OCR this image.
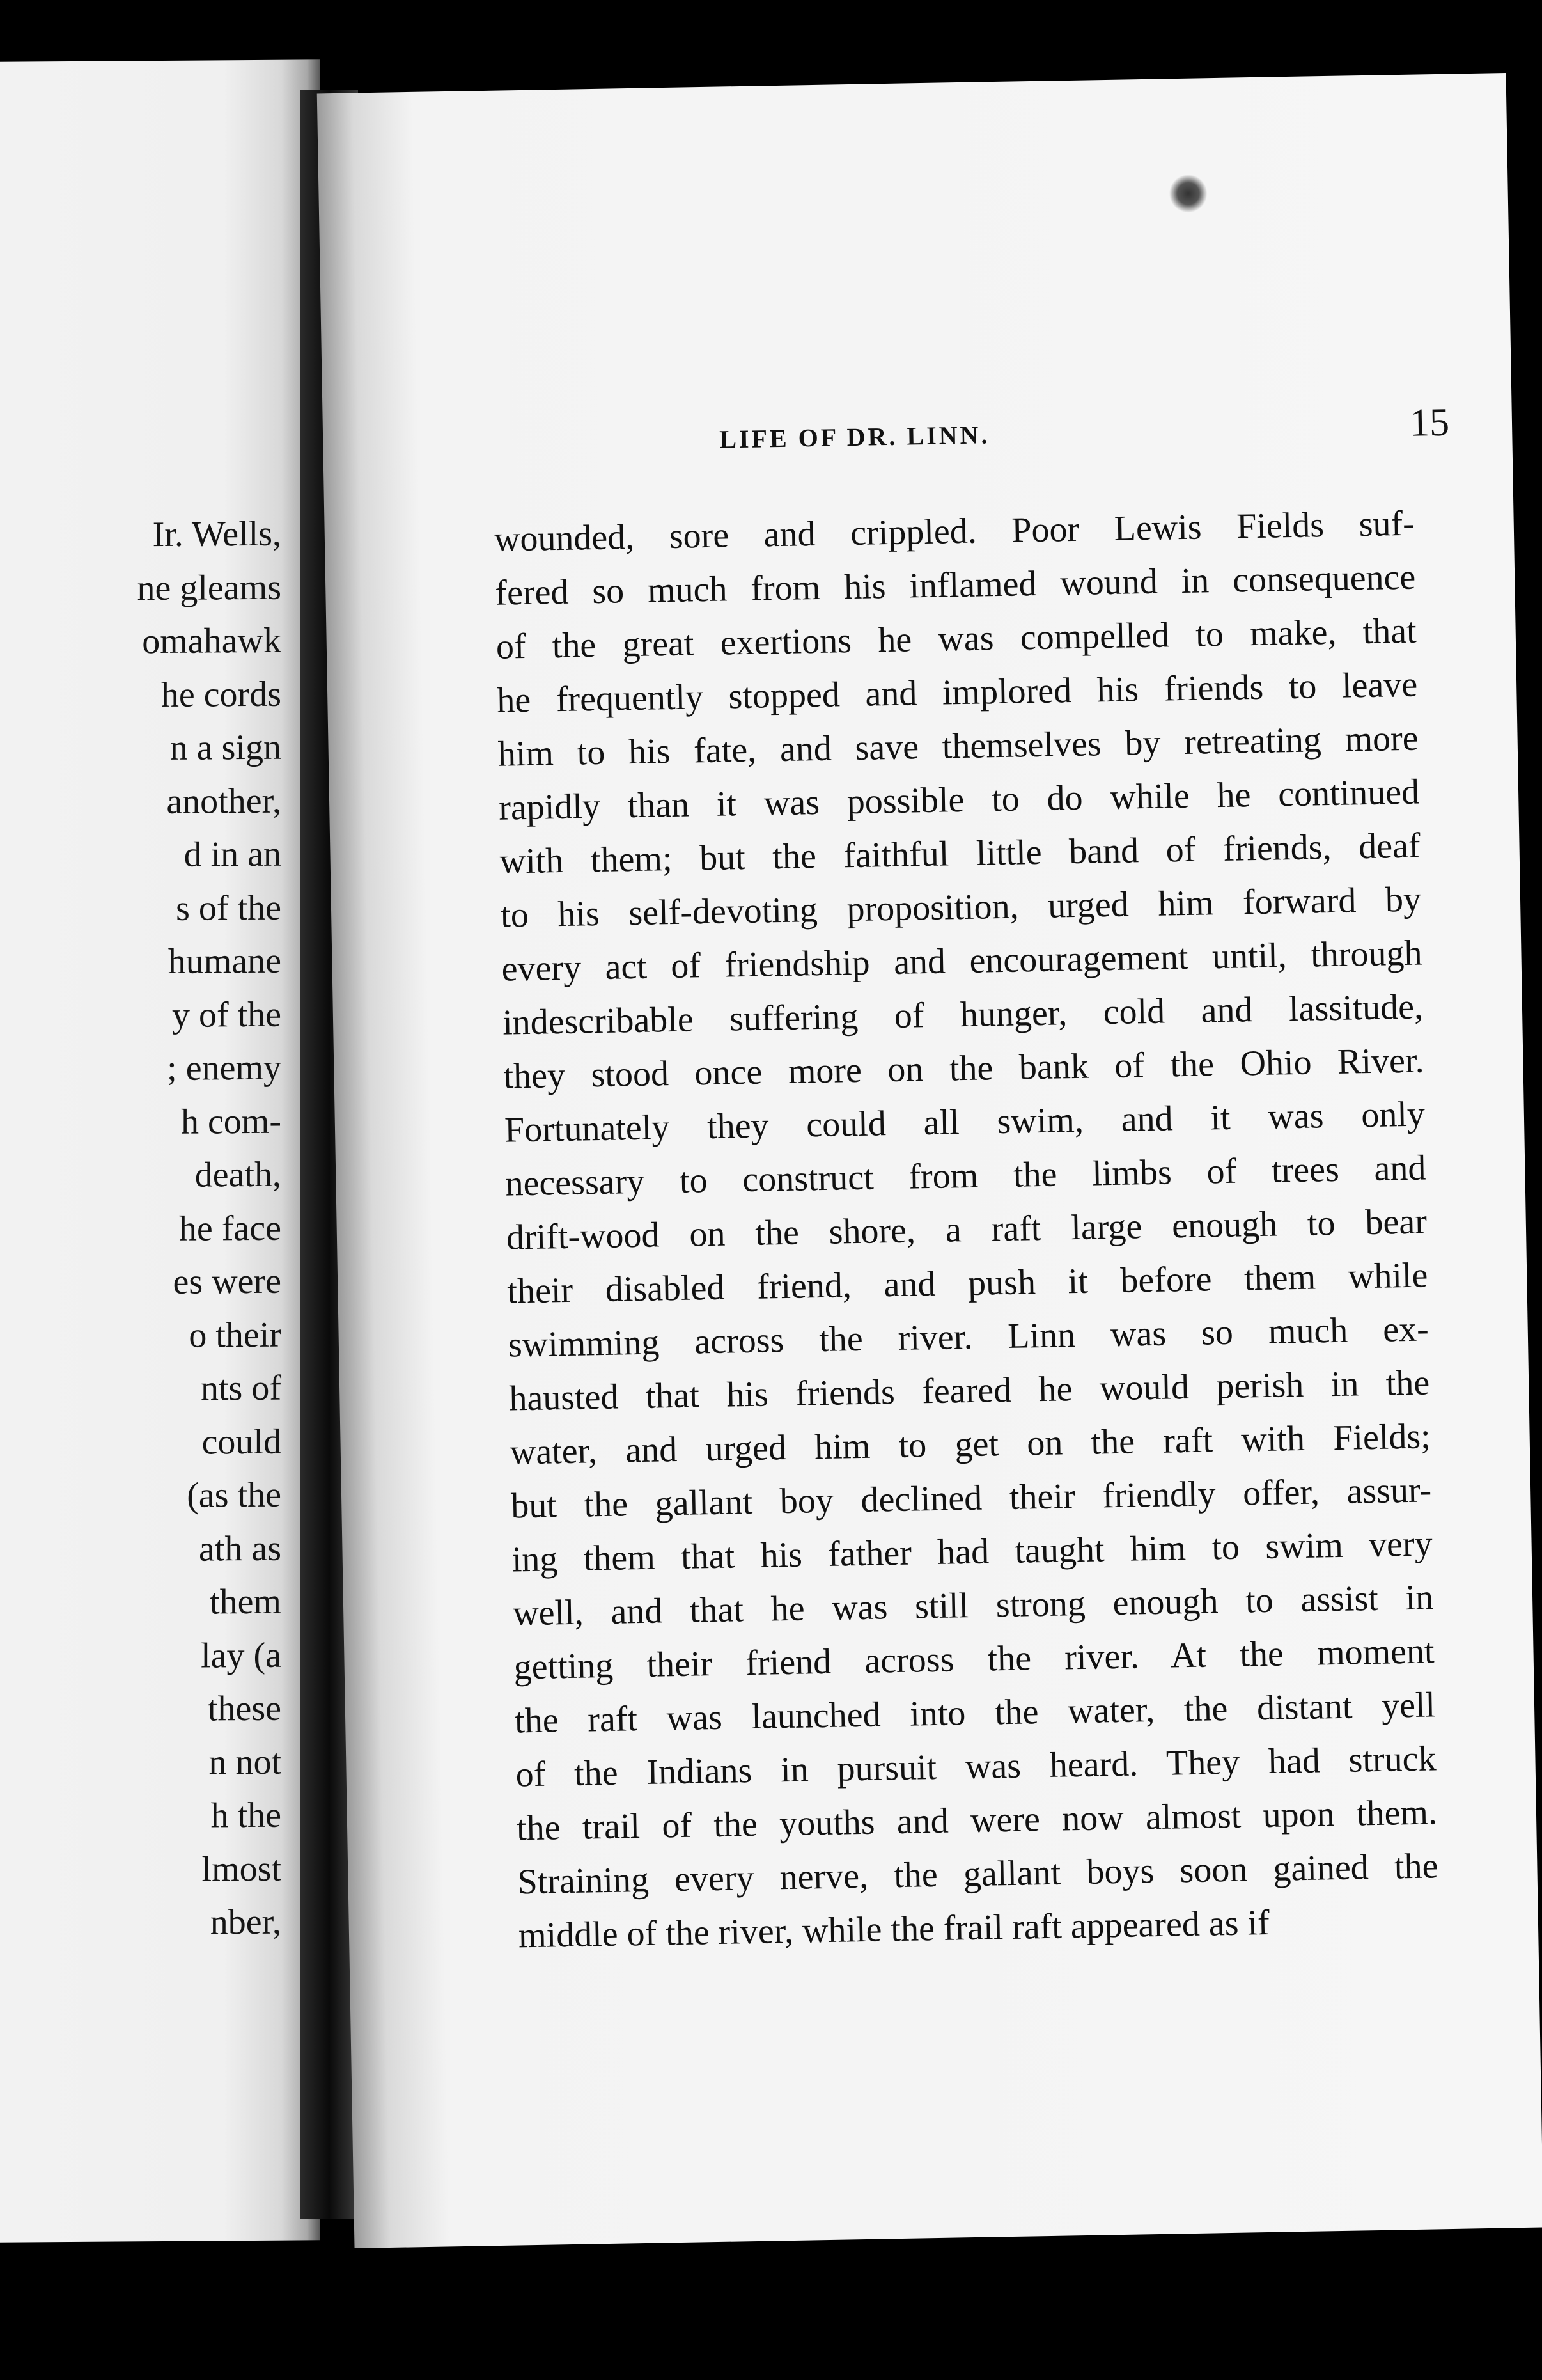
Ir. Wells,
ne gleams
omahawk
he cords
n a sign
another,
d in an
s of the
humane
y of the
; enemy
h com-
death,
he face
es were
o their
nts of
could
(as the
ath as
them
lay (a
these
n not
h the
lmost
nber,
LIFE OF DR. LINN.	15
wounded, sore and crippled. Poor Lewis Fields suf-
fered so much from his inflamed wound in consequence
of the great exertions he was compelled to make, that
he frequently stopped and implored his friends to leave
him to his fate, and save themselves by retreating more
rapidly than it was possible to do while he continued
with them; but the faithful little band of friends, deaf
to his self-devoting proposition, urged him forward by
every act of friendship and encouragement until, through
indescribable suffering of hunger, cold and lassitude,
they stood once more on the bank of the Ohio River.
Fortunately they could all swim, and it was only
necessary to construct from the limbs of trees and
drift-wood on the shore, a raft large enough to bear
their disabled friend, and push it before them while
swimming across the river. Linn was so much ex-
hausted that his friends feared he would perish in the
water, and urged him to get on the raft with Fields;
but the gallant boy declined their friendly offer, assur-
ing them that his father had taught him to swim very
well, and that he was still strong enough to assist in
getting their friend across the river. At the moment
the raft was launched into the water, the distant yell
of the Indians in pursuit was heard. They had struck
the trail of the youths and were now almost upon them.
Straining every nerve, the gallant boys soon gained the
middle of the river, while the frail raft appeared as if
